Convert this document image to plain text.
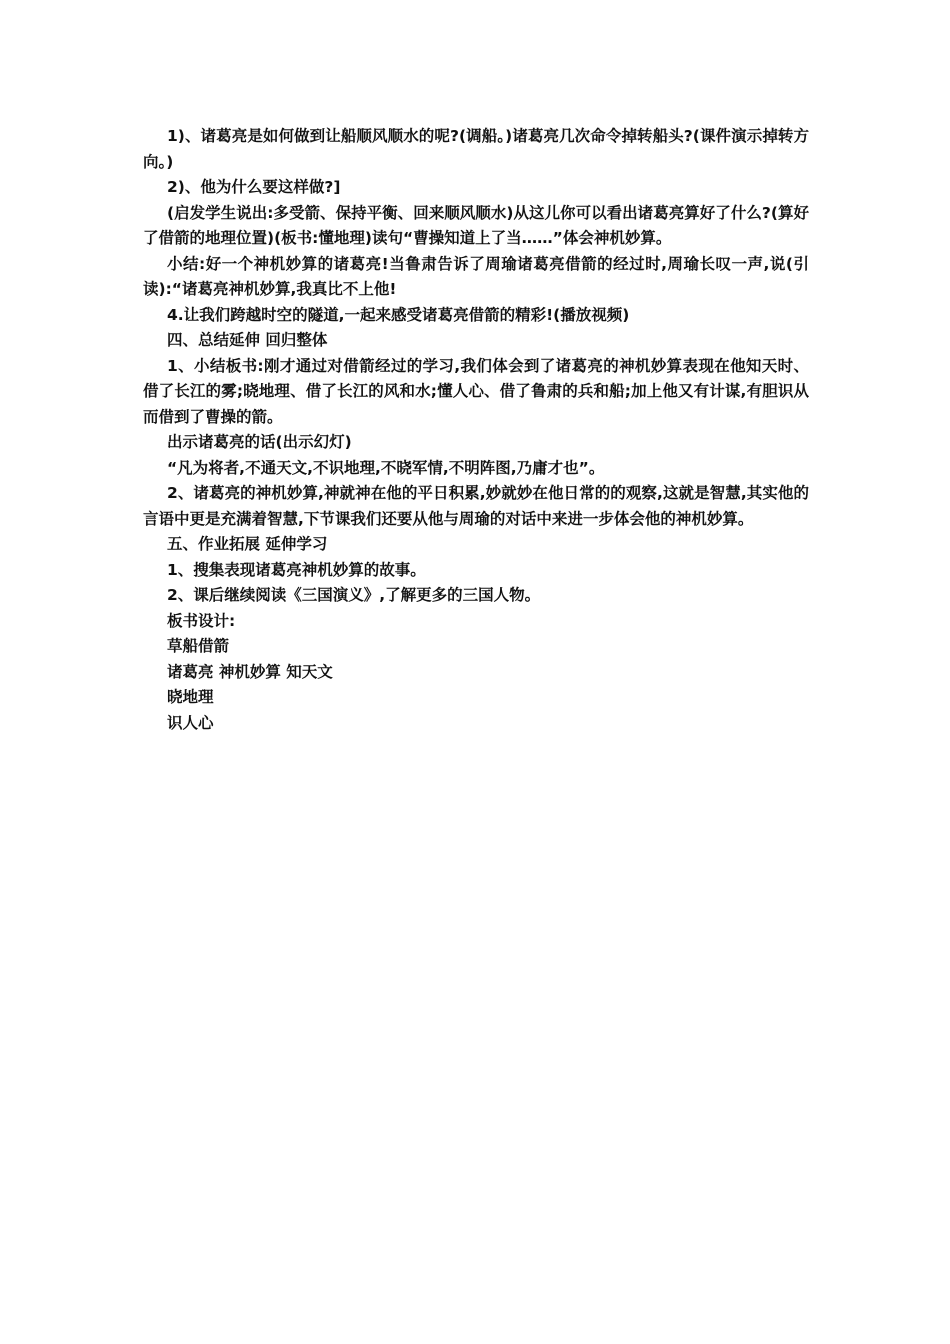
1)、诸葛亮是如何做到让船顺风顺水的呢?(调船。)诸葛亮几次命令掉转船头?(课件演示掉转方向。)

2)、他为什么要这样做?]

(启发学生说出:多受箭、保持平衡、回来顺风顺水)从这儿你可以看出诸葛亮算好了什么?(算好了借箭的地理位置)(板书:懂地理)读句“曹操知道上了当……”体会神机妙算。

小结:好一个神机妙算的诸葛亮!当鲁肃告诉了周瑜诸葛亮借箭的经过时,周瑜长叹一声,说(引读):“诸葛亮神机妙算,我真比不上他!

4.让我们跨越时空的隧道,一起来感受诸葛亮借箭的精彩!(播放视频)

四、总结延伸 回归整体

1、小结板书:刚才通过对借箭经过的学习,我们体会到了诸葛亮的神机妙算表现在他知天时、借了长江的雾;晓地理、借了长江的风和水;懂人心、借了鲁肃的兵和船;加上他又有计谋,有胆识从而借到了曹操的箭。

出示诸葛亮的话(出示幻灯)

“凡为将者,不通天文,不识地理,不晓军情,不明阵图,乃庸才也”。

2、诸葛亮的神机妙算,神就神在他的平日积累,妙就妙在他日常的的观察,这就是智慧,其实他的言语中更是充满着智慧,下节课我们还要从他与周瑜的对话中来进一步体会他的神机妙算。

五、作业拓展 延伸学习

1、搜集表现诸葛亮神机妙算的故事。

2、课后继续阅读《三国演义》,了解更多的三国人物。

板书设计:

草船借箭

诸葛亮 神机妙算 知天文

晓地理

识人心
